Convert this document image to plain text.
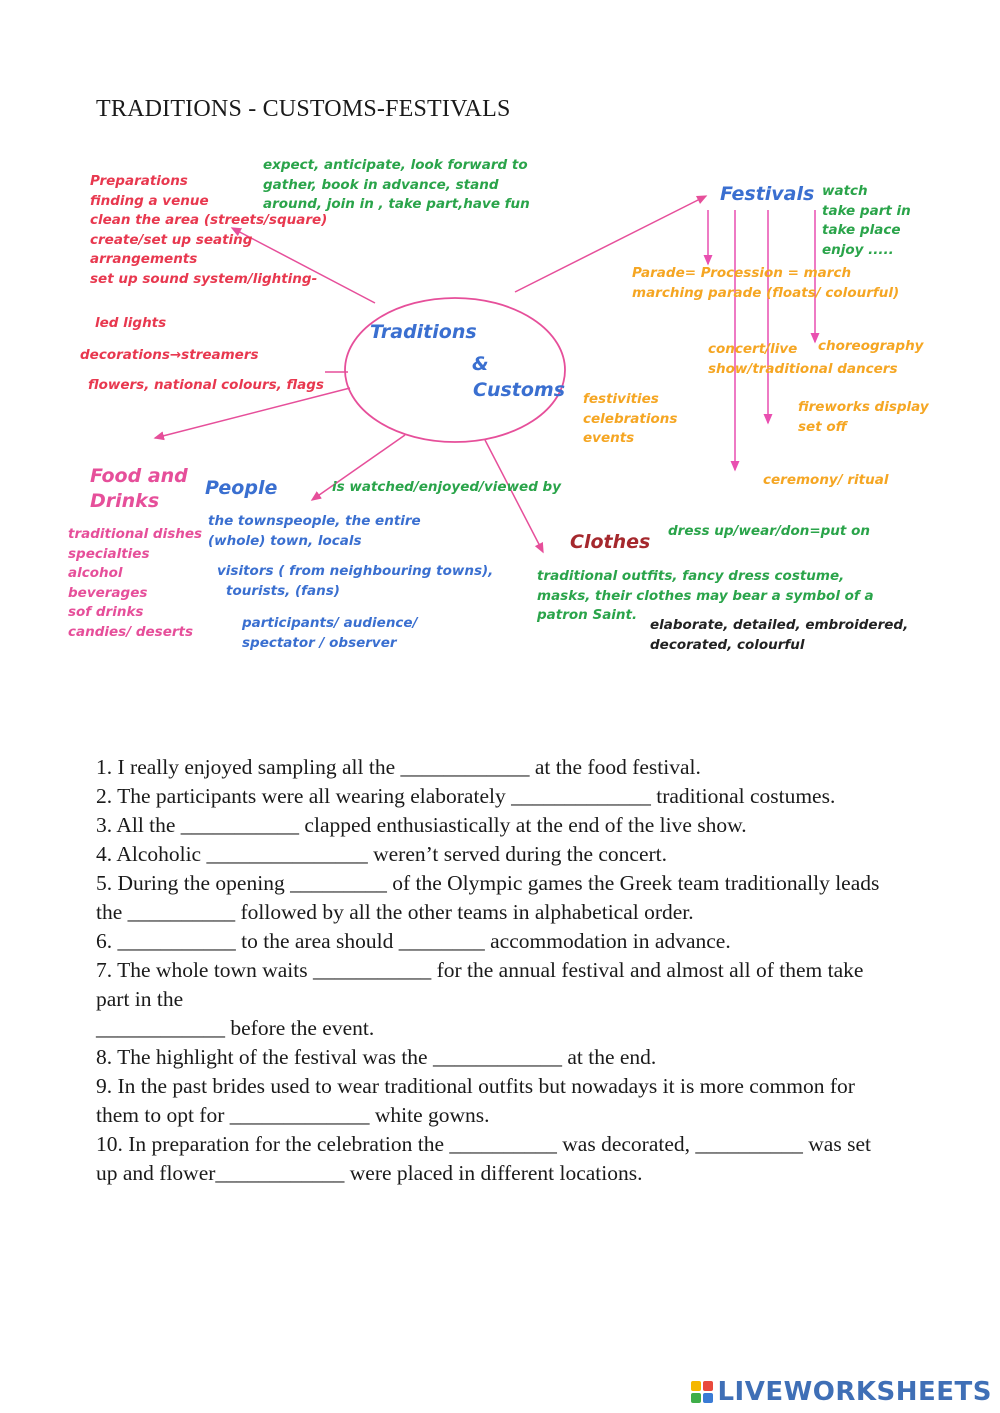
TRADITIONS - CUSTOMS-FESTIVALS
Preparations
finding a venue
clean the area (streets/square)
create/set up seating
arrangements
set up sound system/lighting-
expect, anticipate, look forward to
gather, book in advance, stand
around, join in , take part,have fun
led lights
decorations→streamers
flowers, national colours, flags
Traditions
&
Customs
Festivals watch
take part in
take place
enjoy .....
Parade= Procession = march
marching parade (floats/ colourful)
concert/live
show/traditional dancers
choreography
festivities
celebrations
events
fireworks display
set off
ceremony/ ritual
Food and
Drinks
traditional dishes
specialties
alcohol
beverages
sof drinks
candies/ deserts
People	is watched/enjoyed/viewed by
the townspeople, the entire
(whole) town, locals
visitors ( from neighbouring towns),
tourists, (fans)
participants/ audience/
spectator / observer
Clothes dress up/wear/don=put on
traditional outfits, fancy dress costume,
masks, their clothes may bear a symbol of a
patron Saint.
elaborate, detailed, embroidered,
decorated, colourful

1. I really enjoyed sampling all the ____________ at the food festival.

2. The participants were all wearing elaborately _____________ traditional costumes.

3. All the ___________ clapped enthusiastically at the end of the live show.

4. Alcoholic _______________ weren’t served during the concert.

5. During the opening _________ of the Olympic games the Greek team traditionally leads the __________ followed by all the other teams in alphabetical order.

6. ___________ to the area should ________ accommodation in advance.

7. The whole town waits ___________ for the annual festival and almost all of them take part in the

____________ before the event.

8. The highlight of the festival was the ____________ at the end.

9. In the past brides used to wear traditional outfits but nowadays it is more common for them to opt for _____________ white gowns.

10. In preparation for the celebration the __________ was decorated, __________ was set up and flower____________ were placed in different locations.

LIVEWORKSHEETS
